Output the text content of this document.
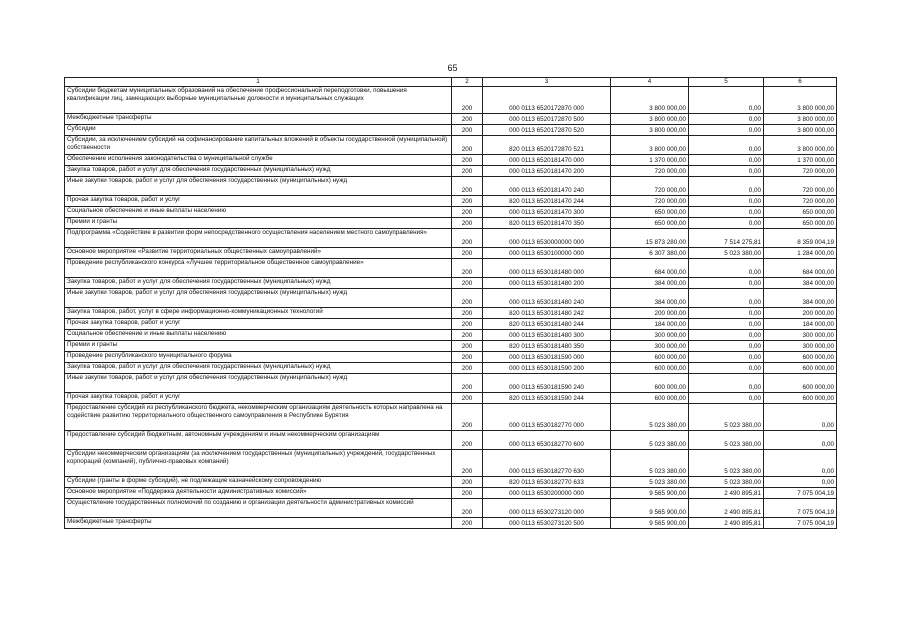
65
1	2	3	4	5	6
Субсидии бюджетам муниципальных образований на обеспечение профессиональной переподготовки, повышения квалификации лиц, замещающих выборные муниципальные должности и муниципальных служащих	200	000 0113 6520172870 000	3 800 000,00	0,00	3 800 000,00
Межбюджетные трансферты	200	000 0113 6520172870 500	3 800 000,00	0,00	3 800 000,00
Субсидии	200	000 0113 6520172870 520	3 800 000,00	0,00	3 800 000,00
Субсидии, за исключением субсидий на софинансирование капитальных вложений в объекты государственной (муниципальной) собственности	200	820 0113 6520172870 521	3 800 000,00	0,00	3 800 000,00
Обеспечение исполнения законодательства о муниципальной службе	200	000 0113 6520181470 000	1 370 000,00	0,00	1 370 000,00
Закупка товаров, работ и услуг для обеспечения государственных (муниципальных) нужд	200	000 0113 6520181470 200	720 000,00	0,00	720 000,00
Иные закупки товаров, работ и услуг для обеспечения государственных (муниципальных) нужд	200	000 0113 6520181470 240	720 000,00	0,00	720 000,00
Прочая закупка товаров, работ и услуг	200	820 0113 6520181470 244	720 000,00	0,00	720 000,00
Социальное обеспечение и иные выплаты населению	200	000 0113 6520181470 300	650 000,00	0,00	650 000,00
Премии и гранты	200	820 0113 6520181470 350	650 000,00	0,00	650 000,00
Подпрограмма «Содействие в развитии форм непосредственного осуществления населением местного самоуправления»	200	000 0113 6530000000 000	15 873 280,00	7 514 275,81	8 359 004,19
Основное мероприятие «Развитие территориальных общественных самоуправлений»	200	000 0113 6530100000 000	6 307 380,00	5 023 380,00	1 284 000,00
Проведение республиканского конкурса «Лучшее территориальное общественное самоуправление»	200	000 0113 6530181480 000	684 000,00	0,00	684 000,00
Закупка товаров, работ и услуг для обеспечения государственных (муниципальных) нужд	200	000 0113 6530181480 200	384 000,00	0,00	384 000,00
Иные закупки товаров, работ и услуг для обеспечения государственных (муниципальных) нужд	200	000 0113 6530181480 240	384 000,00	0,00	384 000,00
Закупка товаров, работ, услуг в сфере информационно-коммуникационных технологий	200	820 0113 6530181480 242	200 000,00	0,00	200 000,00
Прочая закупка товаров, работ и услуг	200	820 0113 6530181480 244	184 000,00	0,00	184 000,00
Социальное обеспечение и иные выплаты населению	200	000 0113 6530181480 300	300 000,00	0,00	300 000,00
Премии и гранты	200	820 0113 6530181480 350	300 000,00	0,00	300 000,00
Проведение республиканского муниципального форума	200	000 0113 6530181590 000	600 000,00	0,00	600 000,00
Закупка товаров, работ и услуг для обеспечения государственных (муниципальных) нужд	200	000 0113 6530181590 200	600 000,00	0,00	600 000,00
Иные закупки товаров, работ и услуг для обеспечения государственных (муниципальных) нужд	200	000 0113 6530181590 240	600 000,00	0,00	600 000,00
Прочая закупка товаров, работ и услуг	200	820 0113 6530181590 244	600 000,00	0,00	600 000,00
Предоставление субсидий из республиканского бюджета, некоммерческим организациям деятельность которых направлена на содействие развитию территориального общественного самоуправления в Республике Бурятия	200	000 0113 6530182770 000	5 023 380,00	5 023 380,00	0,00
Предоставление субсидий бюджетным, автономным учреждениям и иным некоммерческим организациям	200	000 0113 6530182770 600	5 023 380,00	5 023 380,00	0,00
Субсидии некоммерческим организациям (за исключением государственных (муниципальных) учреждений, государственных корпораций (компаний), публично-правовых компаний)	200	000 0113 6530182770 630	5 023 380,00	5 023 380,00	0,00
Субсидии (гранты в форме субсидий), не подлежащие казначейскому сопровождению	200	820 0113 6530182770 633	5 023 380,00	5 023 380,00	0,00
Основное мероприятие «Поддержка деятельности административных комиссий»	200	000 0113 6530200000 000	9 565 900,00	2 490 895,81	7 075 004,19
Осуществление государственных полномочий по созданию и организации деятельности административных комиссий	200	000 0113 6530273120 000	9 565 900,00	2 490 895,81	7 075 004,19
Межбюджетные трансферты	200	000 0113 6530273120 500	9 565 900,00	2 490 895,81	7 075 004,19
